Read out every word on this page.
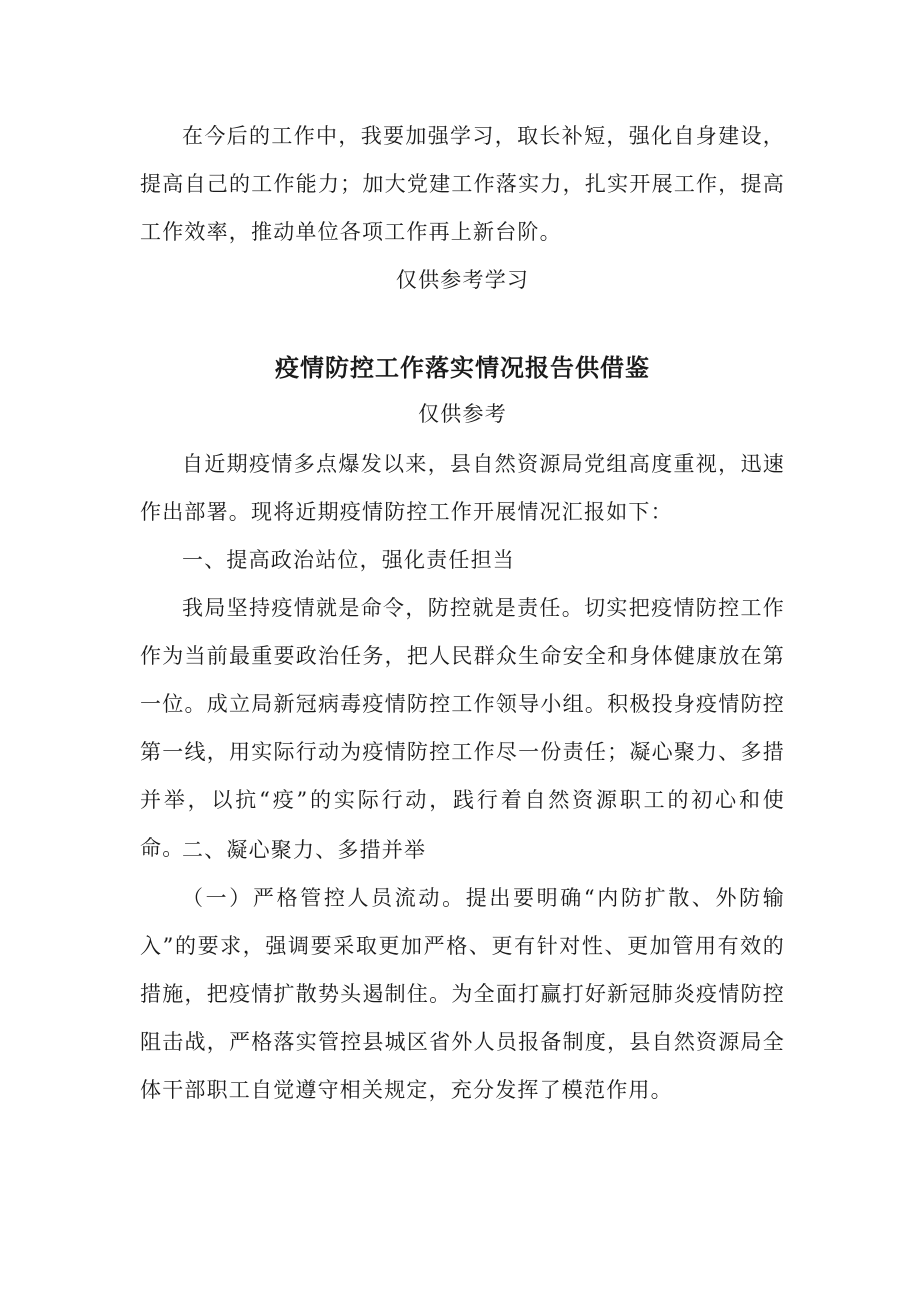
在今后的工作中，我要加强学习，取长补短，强化自身建设，提高自己的工作能力；加大党建工作落实力，扎实开展工作，提高工作效率，推动单位各项工作再上新台阶。

仅供参考学习

疫情防控工作落实情况报告供借鉴

仅供参考

自近期疫情多点爆发以来，县自然资源局党组高度重视，迅速作出部署。现将近期疫情防控工作开展情况汇报如下：

一、提高政治站位，强化责任担当

我局坚持疫情就是命令，防控就是责任。切实把疫情防控工作作为当前最重要政治任务，把人民群众生命安全和身体健康放在第一位。成立局新冠病毒疫情防控工作领导小组。积极投身疫情防控第一线，用实际行动为疫情防控工作尽一份责任；凝心聚力、多措并举，以抗“疫”的实际行动，践行着自然资源职工的初心和使命。

二、凝心聚力、多措并举

（一）严格管控人员流动。提出要明确“内防扩散、外防输入”的要求，强调要采取更加严格、更有针对性、更加管用有效的措施，把疫情扩散势头遏制住。为全面打赢打好新冠肺炎疫情防控阻击战，严格落实管控县城区省外人员报备制度，县自然资源局全体干部职工自觉遵守相关规定，充分发挥了模范作用。
